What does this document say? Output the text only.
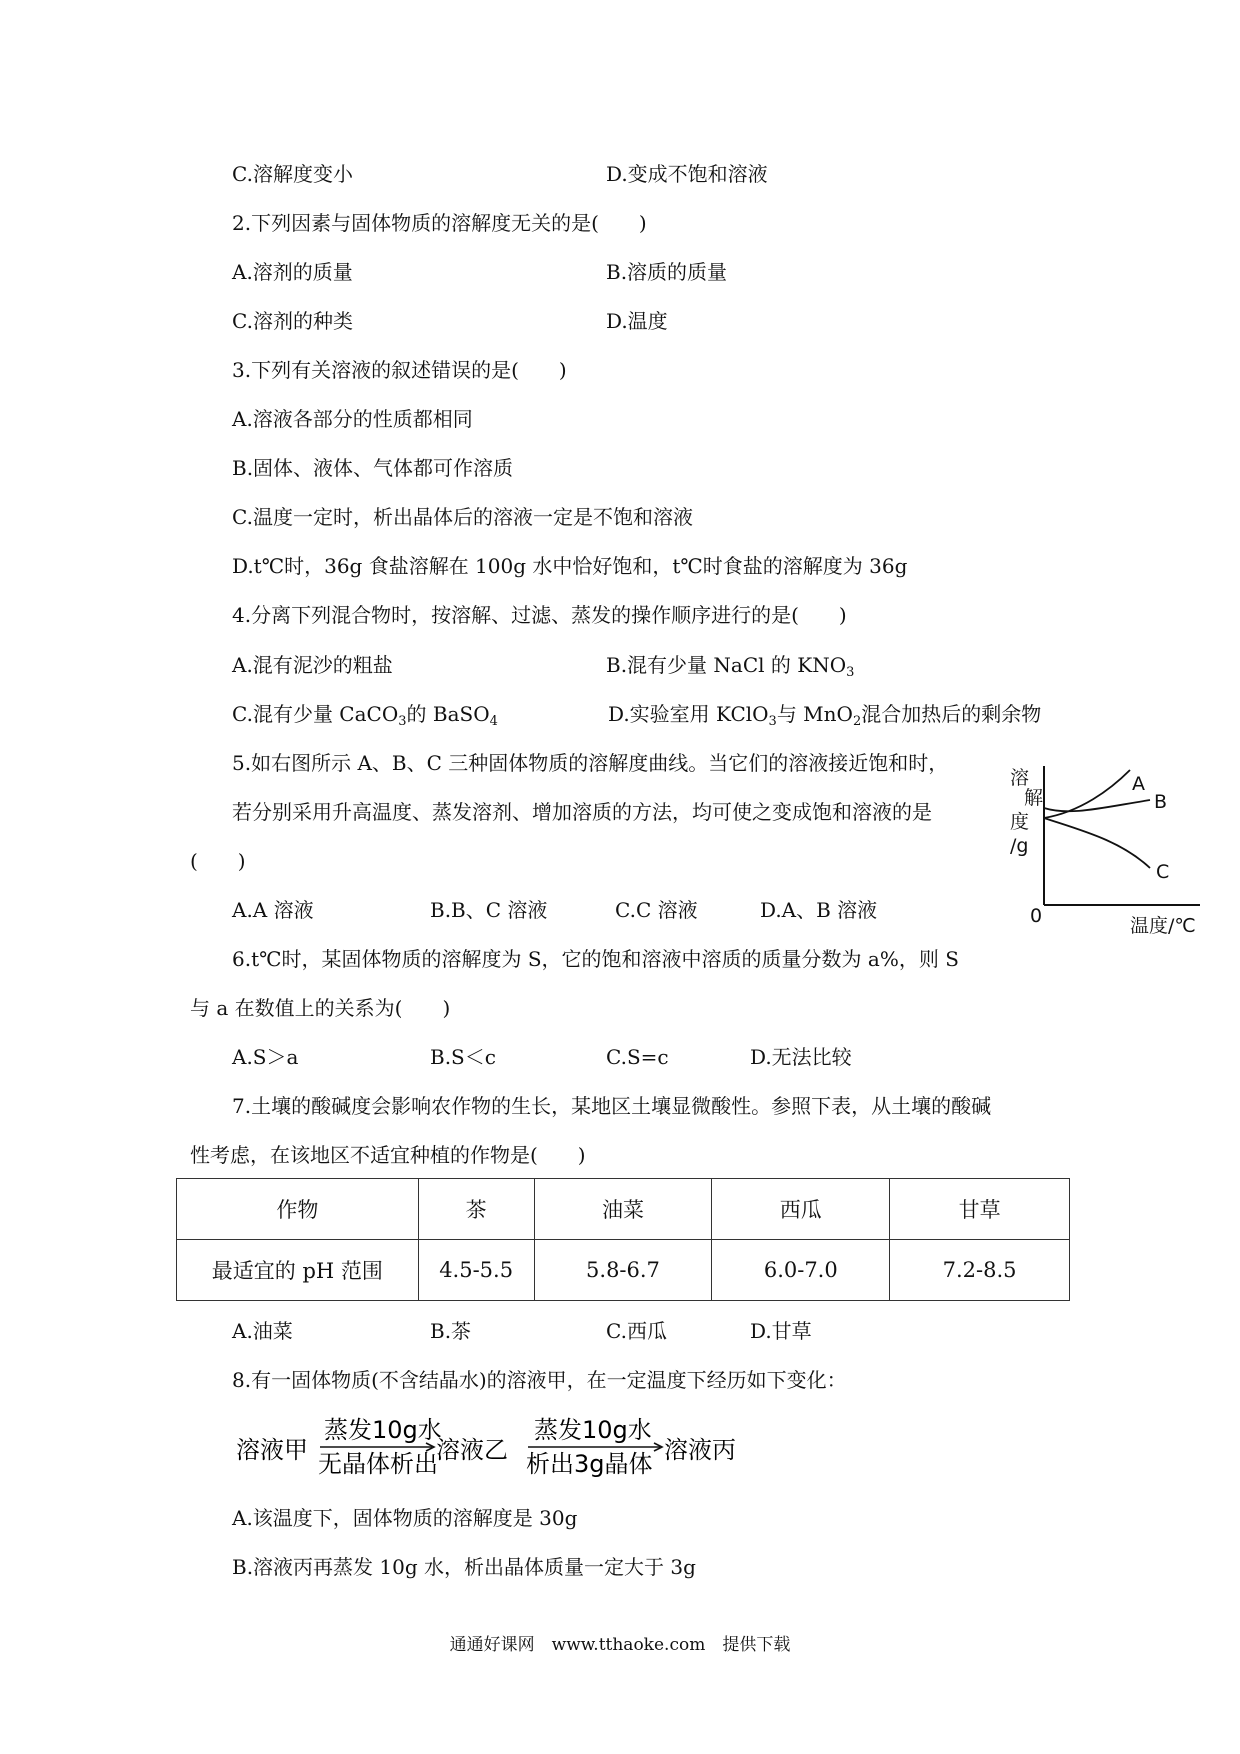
C.溶解度变小	D.变成不饱和溶液
2.下列因素与固体物质的溶解度无关的是(　　)
A.溶剂的质量	B.溶质的质量
C.溶剂的种类	D.温度
3.下列有关溶液的叙述错误的是(　　)
A.溶液各部分的性质都相同
B.固体、液体、气体都可作溶质
C.温度一定时，析出晶体后的溶液一定是不饱和溶液
D.t℃时，36g 食盐溶解在 100g 水中恰好饱和，t℃时食盐的溶解度为 36g
4.分离下列混合物时，按溶解、过滤、蒸发的操作顺序进行的是(　　)
A.混有泥沙的粗盐	B.混有少量 NaCl 的 $KNO_3$
C.混有少量 CaCO$_3$的 BaSO$_4$	D.实验室用 KClO$_3$与 MnO$_2$混合加热后的剩余物
5.如右图所示 A、B、C 三种固体物质的溶解度曲线。当它们的溶液接近饱和时，
若分别采用升高温度、蒸发溶剂、增加溶质的方法，均可使之变成饱和溶液的是
(　　)
A.A 溶液	B.B、C 溶液	C.C 溶液	D.A、B 溶液
A
B
C
溶
解
度
/g
0	温度/℃
6.t℃时，某固体物质的溶解度为 S，它的饱和溶液中溶质的质量分数为 a%，则 S
与 a 在数值上的关系为(　　)
A.S＞a	B.S＜c	C.S=c	D.无法比较
7.土壤的酸碱度会影响农作物的生长，某地区土壤显微酸性。参照下表，从土壤的酸碱
性考虑，在该地区不适宜种植的作物是(　　)
作物	茶	油菜	西瓜	甘草
最适宜的 pH 范围	4.5-5.5	5.8-6.7	6.0-7.0	7.2-8.5
A.油菜	B.茶	C.西瓜	D.甘草
8.有一固体物质(不含结晶水)的溶液甲，在一定温度下经历如下变化：
溶液甲
蒸发10g水
无晶体析出
溶液乙
蒸发10g水
析出3g晶体 溶液丙
A.该温度下，固体物质的溶解度是 30g
B.溶液丙再蒸发 10g 水，析出晶体质量一定大于 3g
通通好课网　www.tthaoke.com　提供下载
